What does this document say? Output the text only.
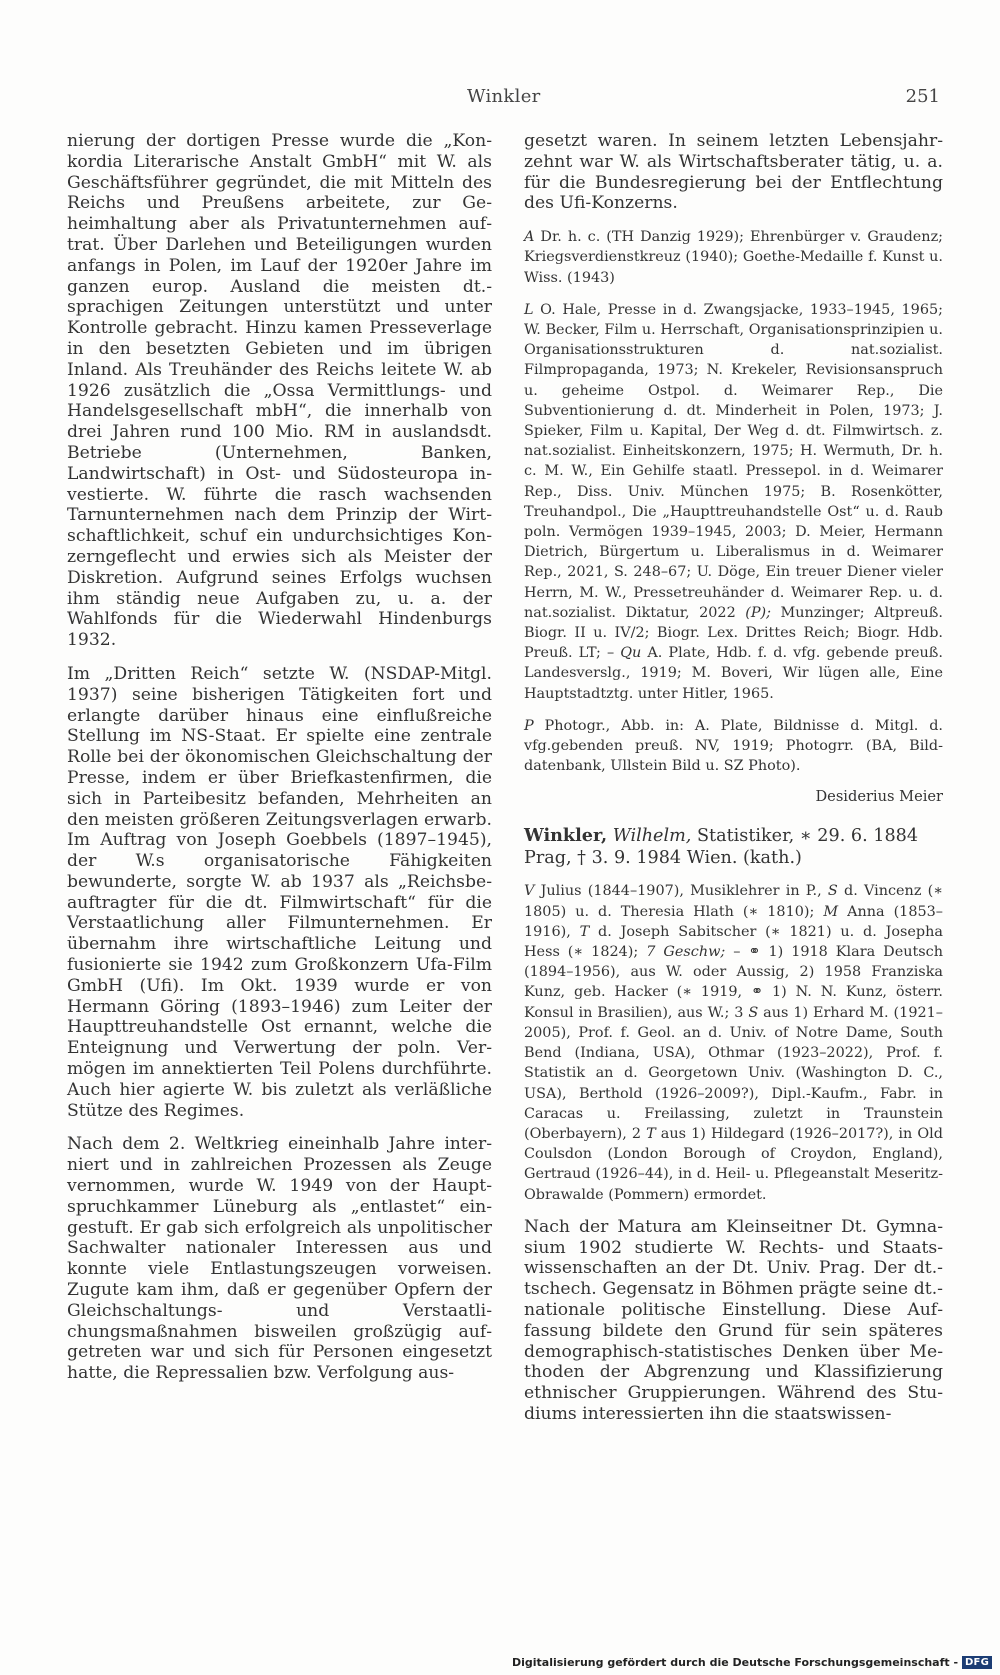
Winkler	251

nierung der dortigen Presse wurde die „Konkordia Literarische Anstalt GmbH“ mit W. als Geschäftsführer gegründet, die mit Mitteln des Reichs und Preußens arbeitete, zur Geheimhaltung aber als Privatunternehmen auftrat. Über Darlehen und Beteiligungen wurden anfangs in Polen, im Lauf der 1920er Jahre im ganzen europ. Ausland die meisten dt.-sprachigen Zeitungen unterstützt und unter Kontrolle gebracht. Hinzu kamen Presseverlage in den besetzten Gebieten und im übrigen Inland. Als Treuhänder des Reichs leitete W. ab 1926 zusätzlich die „Ossa Vermittlungs- und Handelsgesellschaft mbH“, die innerhalb von drei Jahren rund 100 Mio. RM in auslandsdt. Betriebe (Unternehmen, Banken, Landwirtschaft) in Ost- und Südosteuropa investierte. W. führte die rasch wachsenden Tarnunternehmen nach dem Prinzip der Wirtschaftlichkeit, schuf ein undurchsichtiges Konzerngeflecht und erwies sich als Meister der Diskretion. Aufgrund seines Erfolgs wuchsen ihm ständig neue Aufgaben zu, u. a. der Wahlfonds für die Wiederwahl Hindenburgs 1932.

Im „Dritten Reich“ setzte W. (NSDAP-Mitgl. 1937) seine bisherigen Tätigkeiten fort und erlangte darüber hinaus eine einflußreiche Stellung im NS-Staat. Er spielte eine zentrale Rolle bei der ökonomischen Gleichschaltung der Presse, indem er über Briefkastenfirmen, die sich in Parteibesitz befanden, Mehrheiten an den meisten größeren Zeitungsverlagen erwarb. Im Auftrag von Joseph Goebbels (1897–1945), der W.s organisatorische Fähigkeiten bewunderte, sorgte W. ab 1937 als „Reichsbeauftragter für die dt. Filmwirtschaft“ für die Verstaatlichung aller Filmunternehmen. Er übernahm ihre wirtschaftliche Leitung und fusionierte sie 1942 zum Großkonzern Ufa-Film GmbH (Ufi). Im Okt. 1939 wurde er von Hermann Göring (1893–1946) zum Leiter der Haupttreuhandstelle Ost ernannt, welche die Enteignung und Verwertung der poln. Vermögen im annektierten Teil Polens durchführte. Auch hier agierte W. bis zuletzt als verläßliche Stütze des Regimes.

Nach dem 2. Weltkrieg eineinhalb Jahre interniert und in zahlreichen Prozessen als Zeuge vernommen, wurde W. 1949 von der Hauptspruchkammer Lüneburg als „entlastet“ eingestuft. Er gab sich erfolgreich als unpolitischer Sachwalter nationaler Interessen aus und konnte viele Entlastungszeugen vorweisen. Zugute kam ihm, daß er gegenüber Opfern der Gleichschaltungs- und Verstaatlichungsmaßnahmen bisweilen großzügig aufgetreten war und sich für Personen eingesetzt hatte, die Repressalien bzw. Verfolgung aus-

gesetzt waren. In seinem letzten Lebensjahrzehnt war W. als Wirtschaftsberater tätig, u. a. für die Bundesregierung bei der Entflechtung des Ufi-Konzerns.

A Dr. h. c. (TH Danzig 1929); Ehrenbürger v. Graudenz; Kriegsverdienstkreuz (1940); Goethe-Medaille f. Kunst u. Wiss. (1943)

L O. Hale, Presse in d. Zwangsjacke, 1933–1945, 1965; W. Becker, Film u. Herrschaft, Organisationsprinzipien u. Organisationsstrukturen d. nat.sozialist. Filmpropaganda, 1973; N. Krekeler, Revisionsanspruch u. geheime Ostpol. d. Weimarer Rep., Die Subventionierung d. dt. Minderheit in Polen, 1973; J. Spieker, Film u. Kapital, Der Weg d. dt. Filmwirtsch. z. nat.sozialist. Einheitskonzern, 1975; H. Wermuth, Dr. h. c. M. W., Ein Gehilfe staatl. Pressepol. in d. Weimarer Rep., Diss. Univ. München 1975; B. Rosenkötter, Treuhandpol., Die „Haupttreuhandstelle Ost“ u. d. Raub poln. Vermögen 1939–1945, 2003; D. Meier, Hermann Dietrich, Bürgertum u. Liberalismus in d. Weimarer Rep., 2021, S. 248–67; U. Döge, Ein treuer Diener vieler Herrn, M. W., Pressetreuhänder d. Weimarer Rep. u. d. nat.sozialist. Diktatur, 2022 (P); Munzinger; Altpreuß. Biogr. II u. IV/2; Biogr. Lex. Drittes Reich; Biogr. Hdb. Preuß. LT; – Qu A. Plate, Hdb. f. d. vfg. gebende preuß. Landesverslg., 1919; M. Boveri, Wir lügen alle, Eine Hauptstadtztg. unter Hitler, 1965.

P Photogr., Abb. in: A. Plate, Bildnisse d. Mitgl. d. vfg.gebenden preuß. NV, 1919; Photogrr. (BA, Bilddatenbank, Ullstein Bild u. SZ Photo).

Desiderius Meier

Winkler, Wilhelm, Statistiker, ∗ 29. 6. 1884 Prag, † 3. 9. 1984 Wien. (kath.)

V Julius (1844–1907), Musiklehrer in P., S d. Vincenz (∗ 1805) u. d. Theresia Hlath (∗ 1810); M Anna (1853–1916), T d. Joseph Sabitscher (∗ 1821) u. d. Josepha Hess (∗ 1824); 7 Geschw; – ⚭ 1) 1918 Klara Deutsch (1894–1956), aus W. oder Aussig, 2) 1958 Franziska Kunz, geb. Hacker (∗ 1919, ⚭ 1) N. N. Kunz, österr. Konsul in Brasilien), aus W.; 3 S aus 1) Erhard M. (1921–2005), Prof. f. Geol. an d. Univ. of Notre Dame, South Bend (Indiana, USA), Othmar (1923–2022), Prof. f. Statistik an d. Georgetown Univ. (Washington D. C., USA), Berthold (1926–2009?), Dipl.-Kaufm., Fabr. in Caracas u. Freilassing, zuletzt in Traunstein (Oberbayern), 2 T aus 1) Hildegard (1926–2017?), in Old Coulsdon (London Borough of Croydon, England), Gertraud (1926–44), in d. Heil- u. Pflegeanstalt Meseritz-Obrawalde (Pommern) ermordet.

Nach der Matura am Kleinseitner Dt. Gymnasium 1902 studierte W. Rechts- und Staatswissenschaften an der Dt. Univ. Prag. Der dt.-tschech. Gegensatz in Böhmen prägte seine dt.-nationale politische Einstellung. Diese Auffassung bildete den Grund für sein späteres demographisch-statistisches Denken über Methoden der Abgrenzung und Klassifizierung ethnischer Gruppierungen. Während des Studiums interessierten ihn die staatswissen-

Digitalisierung gefördert durch die Deutsche Forschungsgemeinschaft - DFG
